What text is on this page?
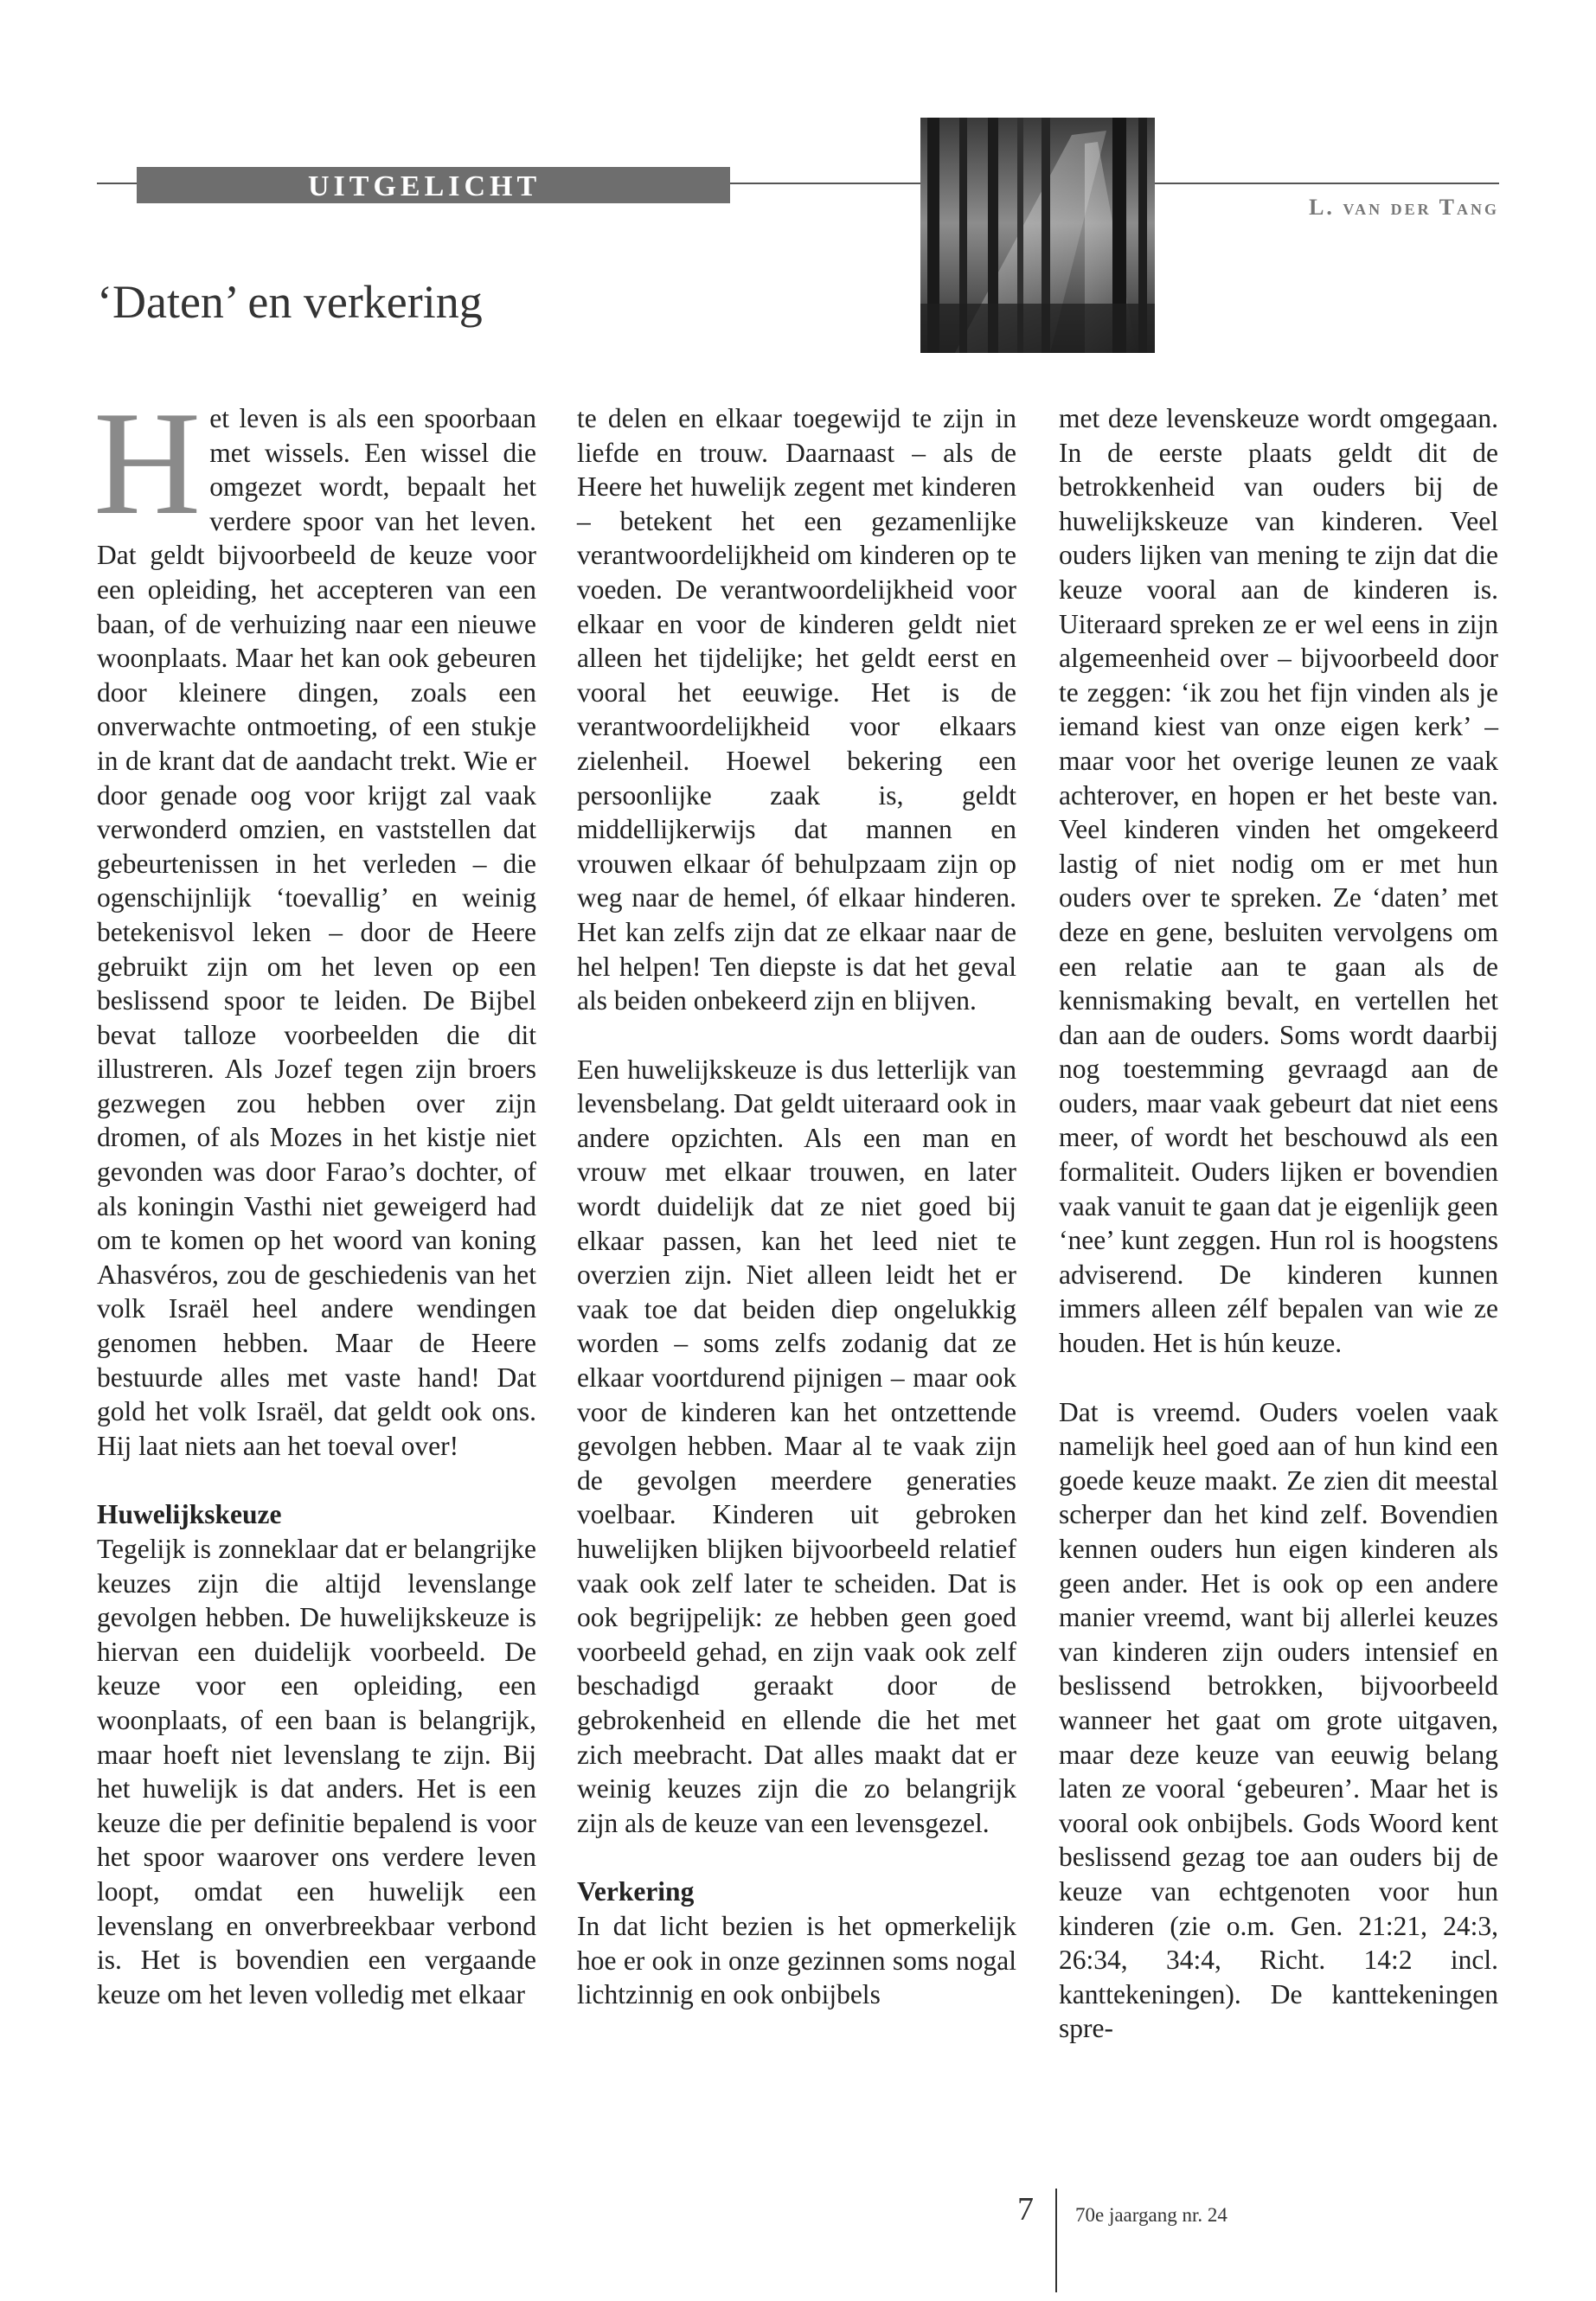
UITGELICHT
L. van der Tang
‘Daten’ en verkering

Het leven is als een spoorbaan met wissels. Een wissel die omgezet wordt, bepaalt het verdere spoor van het leven. Dat geldt bijvoorbeeld de keuze voor een opleiding, het accepteren van een baan, of de verhuizing naar een nieuwe woonplaats. Maar het kan ook gebeuren door kleinere dingen, zoals een onverwachte ontmoeting, of een stukje in de krant dat de aandacht trekt. Wie er door genade oog voor krijgt zal vaak verwonderd omzien, en vaststellen dat gebeurtenissen in het verleden – die ogenschijnlijk ‘toevallig’ en weinig betekenisvol leken – door de Heere gebruikt zijn om het leven op een beslissend spoor te leiden. De Bijbel bevat talloze voorbeelden die dit illustreren. Als Jozef tegen zijn broers gezwegen zou hebben over zijn dromen, of als Mozes in het kistje niet gevonden was door Farao’s dochter, of als koningin Vasthi niet geweigerd had om te komen op het woord van koning Ahasvéros, zou de geschiedenis van het volk Israël heel andere wendingen genomen hebben. Maar de Heere bestuurde alles met vaste hand! Dat gold het volk Israël, dat geldt ook ons. Hij laat niets aan het toeval over!

Huwelijkskeuze

Tegelijk is zonneklaar dat er belangrijke keuzes zijn die altijd levenslange gevolgen hebben. De huwelijkskeuze is hiervan een duidelijk voorbeeld. De keuze voor een opleiding, een woonplaats, of een baan is belangrijk, maar hoeft niet levenslang te zijn. Bij het huwelijk is dat anders. Het is een keuze die per definitie bepalend is voor het spoor waarover ons verdere leven loopt, omdat een huwelijk een levenslang en onverbreekbaar verbond is. Het is bovendien een vergaande keuze om het leven volledig met elkaar

te delen en elkaar toegewijd te zijn in liefde en trouw. Daarnaast – als de Heere het huwelijk zegent met kinderen – betekent het een gezamenlijke verantwoordelijkheid om kinderen op te voeden. De verantwoordelijkheid voor elkaar en voor de kinderen geldt niet alleen het tijdelijke; het geldt eerst en vooral het eeuwige. Het is de verantwoordelijkheid voor elkaars zielenheil. Hoewel bekering een persoonlijke zaak is, geldt middellijkerwijs dat mannen en vrouwen elkaar óf behulpzaam zijn op weg naar de hemel, óf elkaar hinderen. Het kan zelfs zijn dat ze elkaar naar de hel helpen! Ten diepste is dat het geval als beiden onbekeerd zijn en blijven.

Een huwelijkskeuze is dus letterlijk van levensbelang. Dat geldt uiteraard ook in andere opzichten. Als een man en vrouw met elkaar trouwen, en later wordt duidelijk dat ze niet goed bij elkaar passen, kan het leed niet te overzien zijn. Niet alleen leidt het er vaak toe dat beiden diep ongelukkig worden – soms zelfs zodanig dat ze elkaar voortdurend pijnigen – maar ook voor de kinderen kan het ontzettende gevolgen hebben. Maar al te vaak zijn de gevolgen meerdere generaties voelbaar. Kinderen uit gebroken huwelijken blijken bijvoorbeeld relatief vaak ook zelf later te scheiden. Dat is ook begrijpelijk: ze hebben geen goed voorbeeld gehad, en zijn vaak ook zelf beschadigd geraakt door de gebrokenheid en ellende die het met zich meebracht. Dat alles maakt dat er weinig keuzes zijn die zo belangrijk zijn als de keuze van een levensgezel.

Verkering

In dat licht bezien is het opmerkelijk hoe er ook in onze gezinnen soms nogal lichtzinnig en ook onbijbels

met deze levenskeuze wordt omgegaan. In de eerste plaats geldt dit de betrokkenheid van ouders bij de huwelijkskeuze van kinderen. Veel ouders lijken van mening te zijn dat die keuze vooral aan de kinderen is. Uiteraard spreken ze er wel eens in zijn algemeenheid over – bijvoorbeeld door te zeggen: ‘ik zou het fijn vinden als je iemand kiest van onze eigen kerk’ – maar voor het overige leunen ze vaak achterover, en hopen er het beste van. Veel kinderen vinden het omgekeerd lastig of niet nodig om er met hun ouders over te spreken. Ze ‘daten’ met deze en gene, besluiten vervolgens om een relatie aan te gaan als de kennismaking bevalt, en vertellen het dan aan de ouders. Soms wordt daarbij nog toestemming gevraagd aan de ouders, maar vaak gebeurt dat niet eens meer, of wordt het beschouwd als een formaliteit. Ouders lijken er bovendien vaak vanuit te gaan dat je eigenlijk geen ‘nee’ kunt zeggen. Hun rol is hoogstens adviserend. De kinderen kunnen immers alleen zélf bepalen van wie ze houden. Het is hún keuze.

Dat is vreemd. Ouders voelen vaak namelijk heel goed aan of hun kind een goede keuze maakt. Ze zien dit meestal scherper dan het kind zelf. Bovendien kennen ouders hun eigen kinderen als geen ander. Het is ook op een andere manier vreemd, want bij allerlei keuzes van kinderen zijn ouders intensief en beslissend betrokken, bijvoorbeeld wanneer het gaat om grote uitgaven, maar deze keuze van eeuwig belang laten ze vooral ‘gebeuren’. Maar het is vooral ook onbijbels. Gods Woord kent beslissend gezag toe aan ouders bij de keuze van echtgenoten voor hun kinderen (zie o.m. Gen. 21:21, 24:3, 26:34, 34:4, Richt. 14:2 incl. kanttekeningen). De kanttekeningen spre-

7 70e jaargang nr. 24
